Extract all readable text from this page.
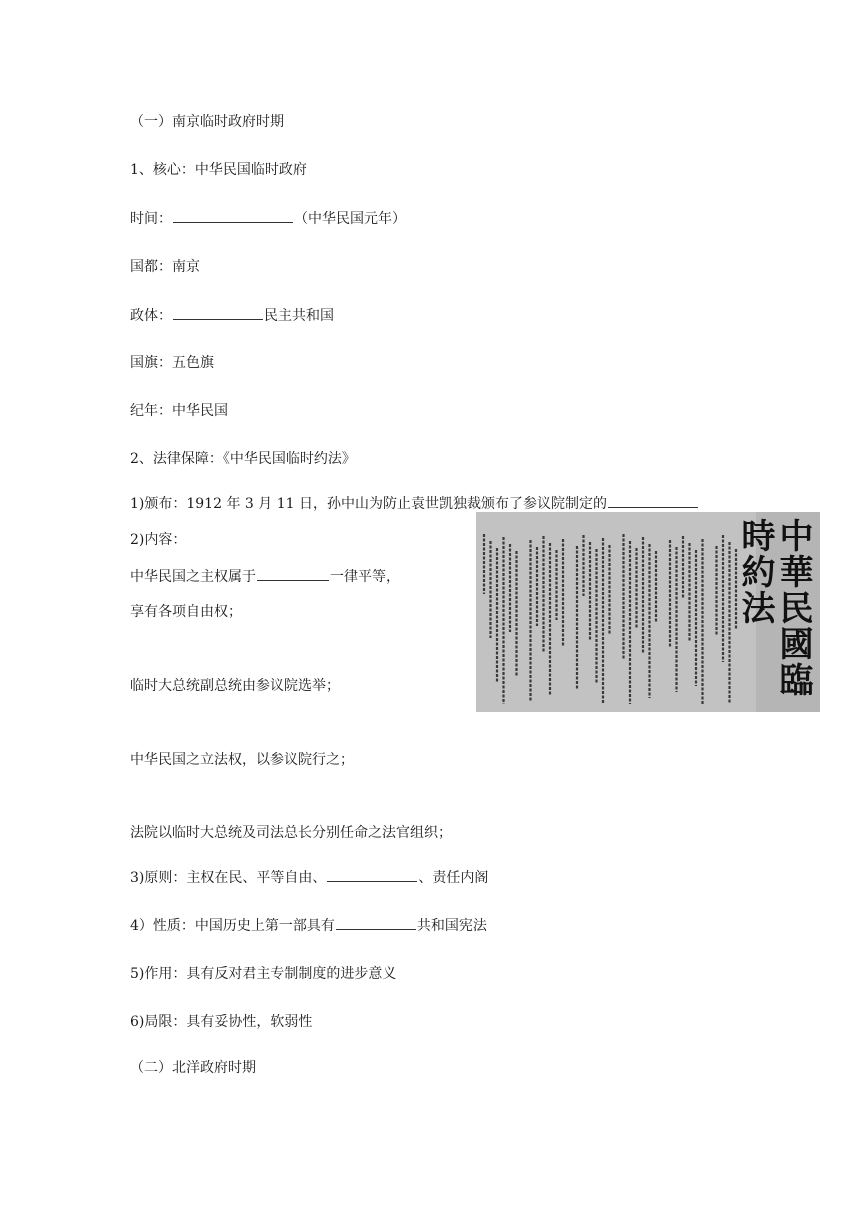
（一）南京临时政府时期
1、核心：中华民国临时政府
时间：	（中华民国元年）
国都：南京
政体：	民主共和国
国旗：五色旗
纪年：中华民国
2、法律保障：《中华民国临时约法》
1)颁布：1912 年 3 月 11 日，孙中山为防止袁世凯独裁颁布了参议院制定的
2)内容：
中华民国之主权属于	一律平等，
享有各项自由权；
临时大总统副总统由参议院选举；
中华民国之立法权，以参议院行之；
法院以临时大总统及司法总长分别任命之法官组织；
3)原则：主权在民、平等自由、	、责任内阁
4）性质：中国历史上第一部具有	共和国宪法
5)作用：具有反对君主专制制度的进步意义
6)局限：具有妥协性，软弱性
（二）北洋政府时期
中華民國臨時約法
